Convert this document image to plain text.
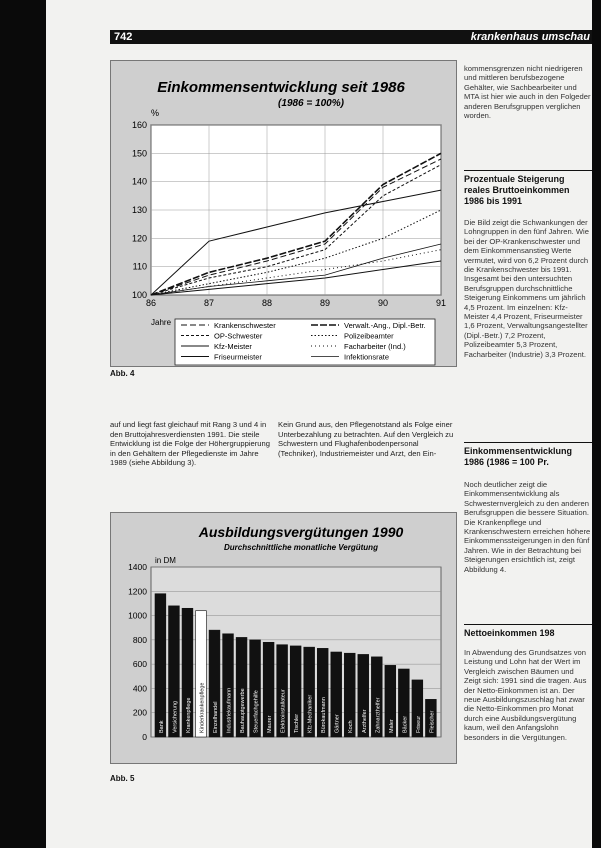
742	krankenhaus umschau
Einkommensentwicklung seit 1986
(1986 = 100%)
%
100
110
120
130
140
150
160
86	87	88	89	90	91
Jahre	Krankenschwester
OP-Schwester
Kfz-Meister
Friseurmeister
Verwalt.-Ang., Dipl.-Betr.
Polizeibeamter
Facharbeiter (Ind.)
Infektionsrate
Abb. 4

auf und liegt fast gleichauf mit Rang 3 und 4 in den Bruttojahresverdiensten 1991. Die steile Entwicklung ist die Folge der Höhergruppierung in den Gehältern der Pflegedienste im Jahre 1989 (siehe Abbildung 3).

Kein Grund aus, den Pflegenotstand als Folge einer Unterbezahlung zu betrachten. Auf den Vergleich zu Schwestern und Flughafenbodenpersonal (Techniker), Industriemeister und Arzt, den Ein-

Ausbildungsvergütungen 1990
Durchschnittliche monatliche Vergütung
in DM
0
200
400
600
800
1000
1200
1400
Bank Versicherung Krankenpflege Kinderkrankenpflege Einzelhandel Industriekaufmann Bauhauptgewerbe Steuerfachgehilfe Maurer Elektroinstallateur Tischler Kfz-Mechaniker Bürokaufmann Gärtner Koch Arzthelfer Zahnarzthelfer Maler Bäcker Friseur Fleischer
Abb. 5
kommensgrenzen nicht niedrigeren und mittleren berufsbezogene Gehälter, wie Sachbearbeiter und MTA ist hier wie auch in den Folgeder anderen Berufsgruppen verglichen worden.
Prozentuale Steigerung reales Bruttoeinkommen 1986 bis 1991
Die Bild zeigt die Schwankungen der Lohngruppen in den fünf Jahren. Wie bei der OP-Krankenschwester und dem Einkommensanstieg Werte vermutet, wird von 6,2 Prozent durch die Krankenschwester bis 1991. Insgesamt bei den untersuchten Berufsgruppen durchschnittliche Steigerung Einkommens um jährlich 4,5 Prozent. Im einzelnen: Kfz-Meister 4,4 Prozent, Friseurmeister 1,6 Prozent, Verwaltungsangestellter (Dipl.-Betr.) 7,2 Prozent, Polizeibeamter 5,3 Prozent, Facharbeiter (Industrie) 3,3 Prozent.
Einkommensentwicklung 1986 (1986 = 100 Pr.
Noch deutlicher zeigt die Einkommensentwicklung als Schwesternvergleich zu den anderen Berufsgruppen die bessere Situation. Die Krankenpflege und Krankenschwestern erreichen höhere Einkommenssteigerungen in den fünf Jahren. Wie in der Betrachtung bei Steigerungen ersichtlich ist, zeigt Abbildung 4.
Nettoeinkommen 198
In Abwendung des Grundsatzes von Leistung und Lohn hat der Wert im Vergleich zwischen Bäumen und Zeigt sich: 1991 sind die tragen. Aus der Netto-Einkommen ist an. Der neue Ausbildungszuschlag hat zwar die Netto-Einkommen pro Monat durch eine Ausbildungsvergütung kaum, weil den Anfangslohn besonders in die Vergütungen.
